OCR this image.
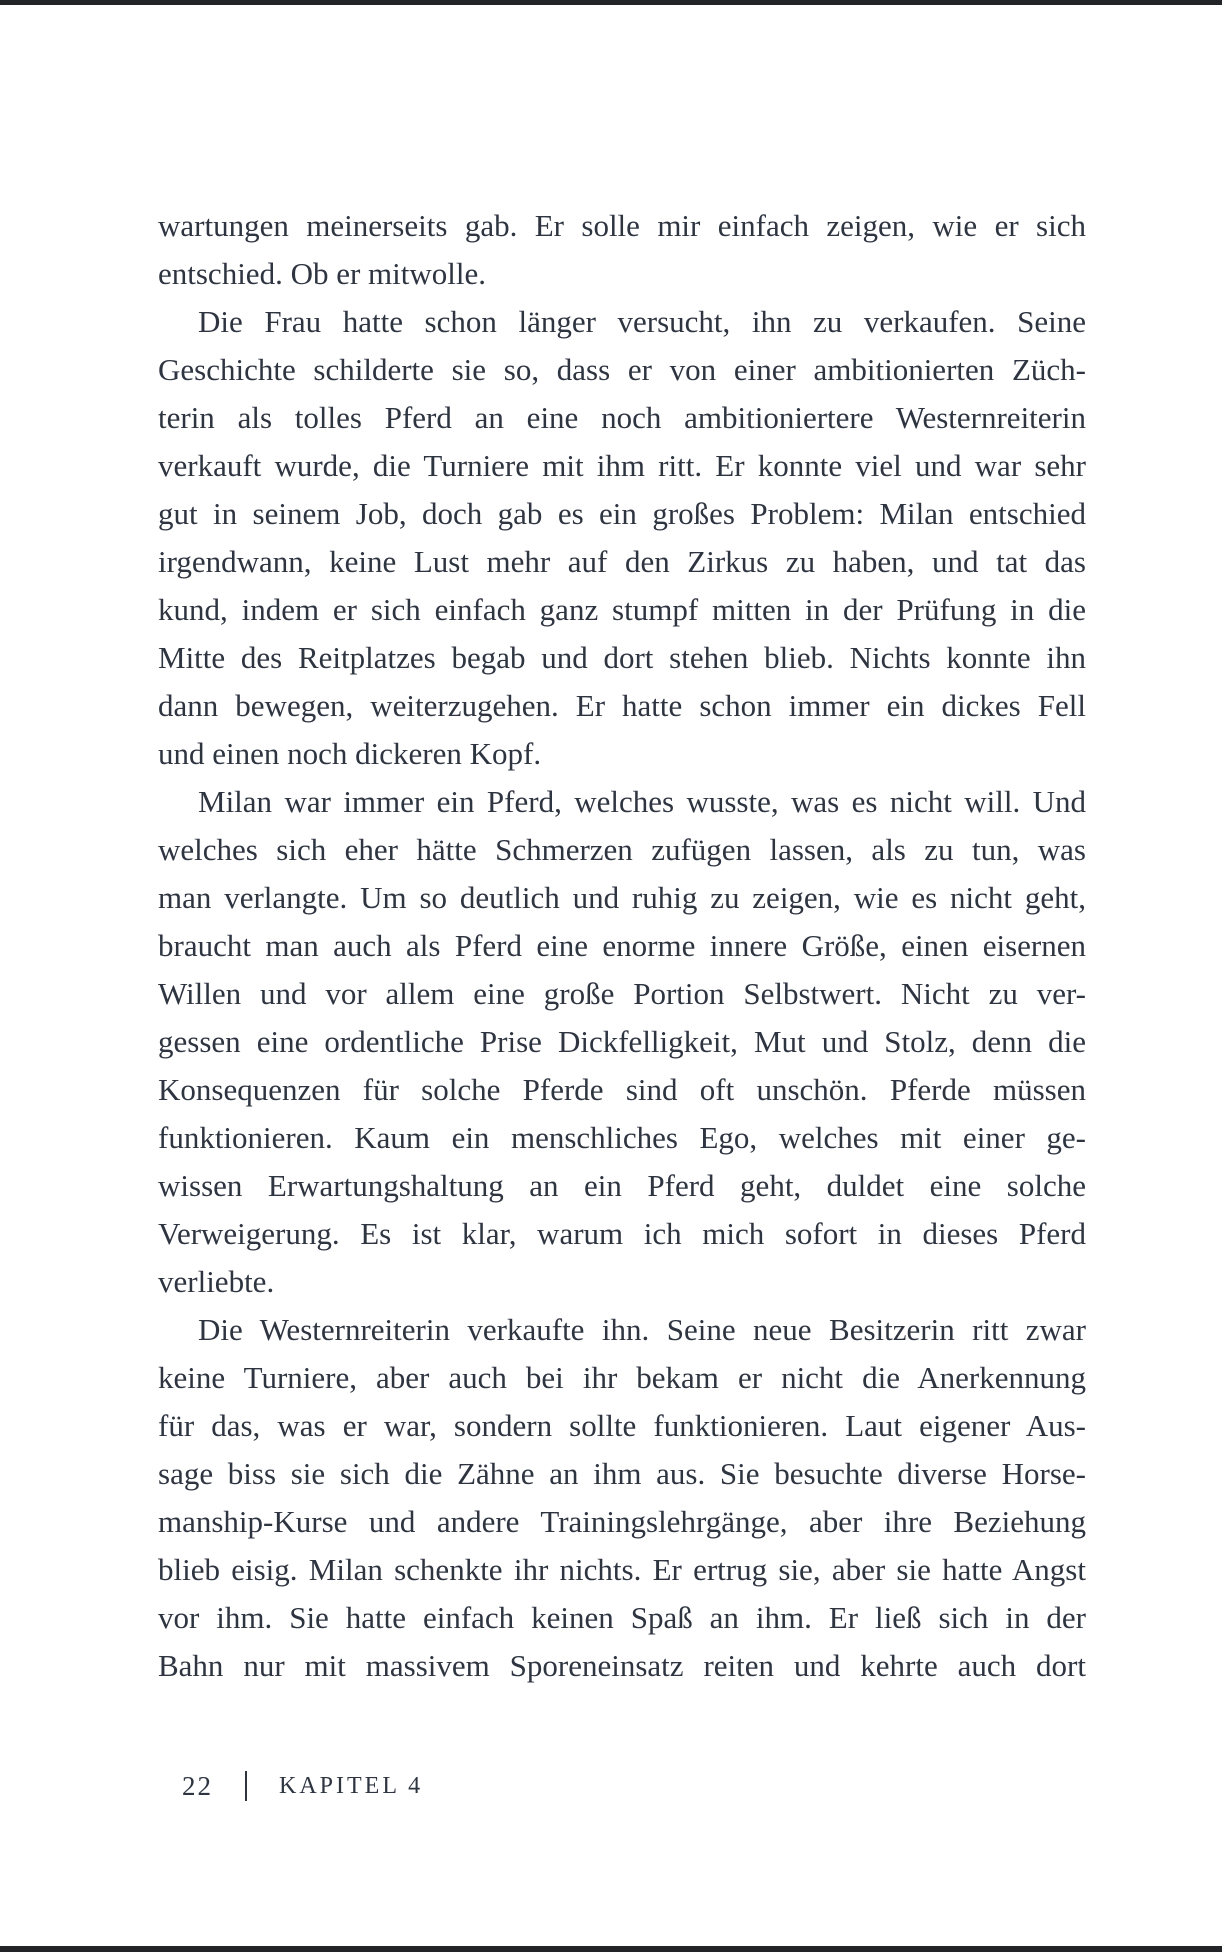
wartungen meinerseits gab. Er solle mir einfach zeigen, wie er sich
entschied. Ob er mitwolle.
Die Frau hatte schon länger versucht, ihn zu verkaufen. Seine
Geschichte schilderte sie so, dass er von einer ambitionierten Züch-
terin als tolles Pferd an eine noch ambitioniertere Westernreiterin
verkauft wurde, die Turniere mit ihm ritt. Er konnte viel und war sehr
gut in seinem Job, doch gab es ein großes Problem: Milan entschied
irgendwann, keine Lust mehr auf den Zirkus zu haben, und tat das
kund, indem er sich einfach ganz stumpf mitten in der Prüfung in die
Mitte des Reitplatzes begab und dort stehen blieb. Nichts konnte ihn
dann bewegen, weiterzugehen. Er hatte schon immer ein dickes Fell
und einen noch dickeren Kopf.
Milan war immer ein Pferd, welches wusste, was es nicht will. Und
welches sich eher hätte Schmerzen zufügen lassen, als zu tun, was
man verlangte. Um so deutlich und ruhig zu zeigen, wie es nicht geht,
braucht man auch als Pferd eine enorme innere Größe, einen eisernen
Willen und vor allem eine große Portion Selbstwert. Nicht zu ver-
gessen eine ordentliche Prise Dickfelligkeit, Mut und Stolz, denn die
Konsequenzen für solche Pferde sind oft unschön. Pferde müssen
funktionieren. Kaum ein menschliches Ego, welches mit einer ge-
wissen Erwartungshaltung an ein Pferd geht, duldet eine solche
Verweigerung. Es ist klar, warum ich mich sofort in dieses Pferd
verliebte.
Die Westernreiterin verkaufte ihn. Seine neue Besitzerin ritt zwar
keine Turniere, aber auch bei ihr bekam er nicht die Anerkennung
für das, was er war, sondern sollte funktionieren. Laut eigener Aus-
sage biss sie sich die Zähne an ihm aus. Sie besuchte diverse Horse-
manship-Kurse und andere Trainingslehrgänge, aber ihre Beziehung
blieb eisig. Milan schenkte ihr nichts. Er ertrug sie, aber sie hatte Angst
vor ihm. Sie hatte einfach keinen Spaß an ihm. Er ließ sich in der
Bahn nur mit massivem Sporeneinsatz reiten und kehrte auch dort
22	KAPITEL 4
